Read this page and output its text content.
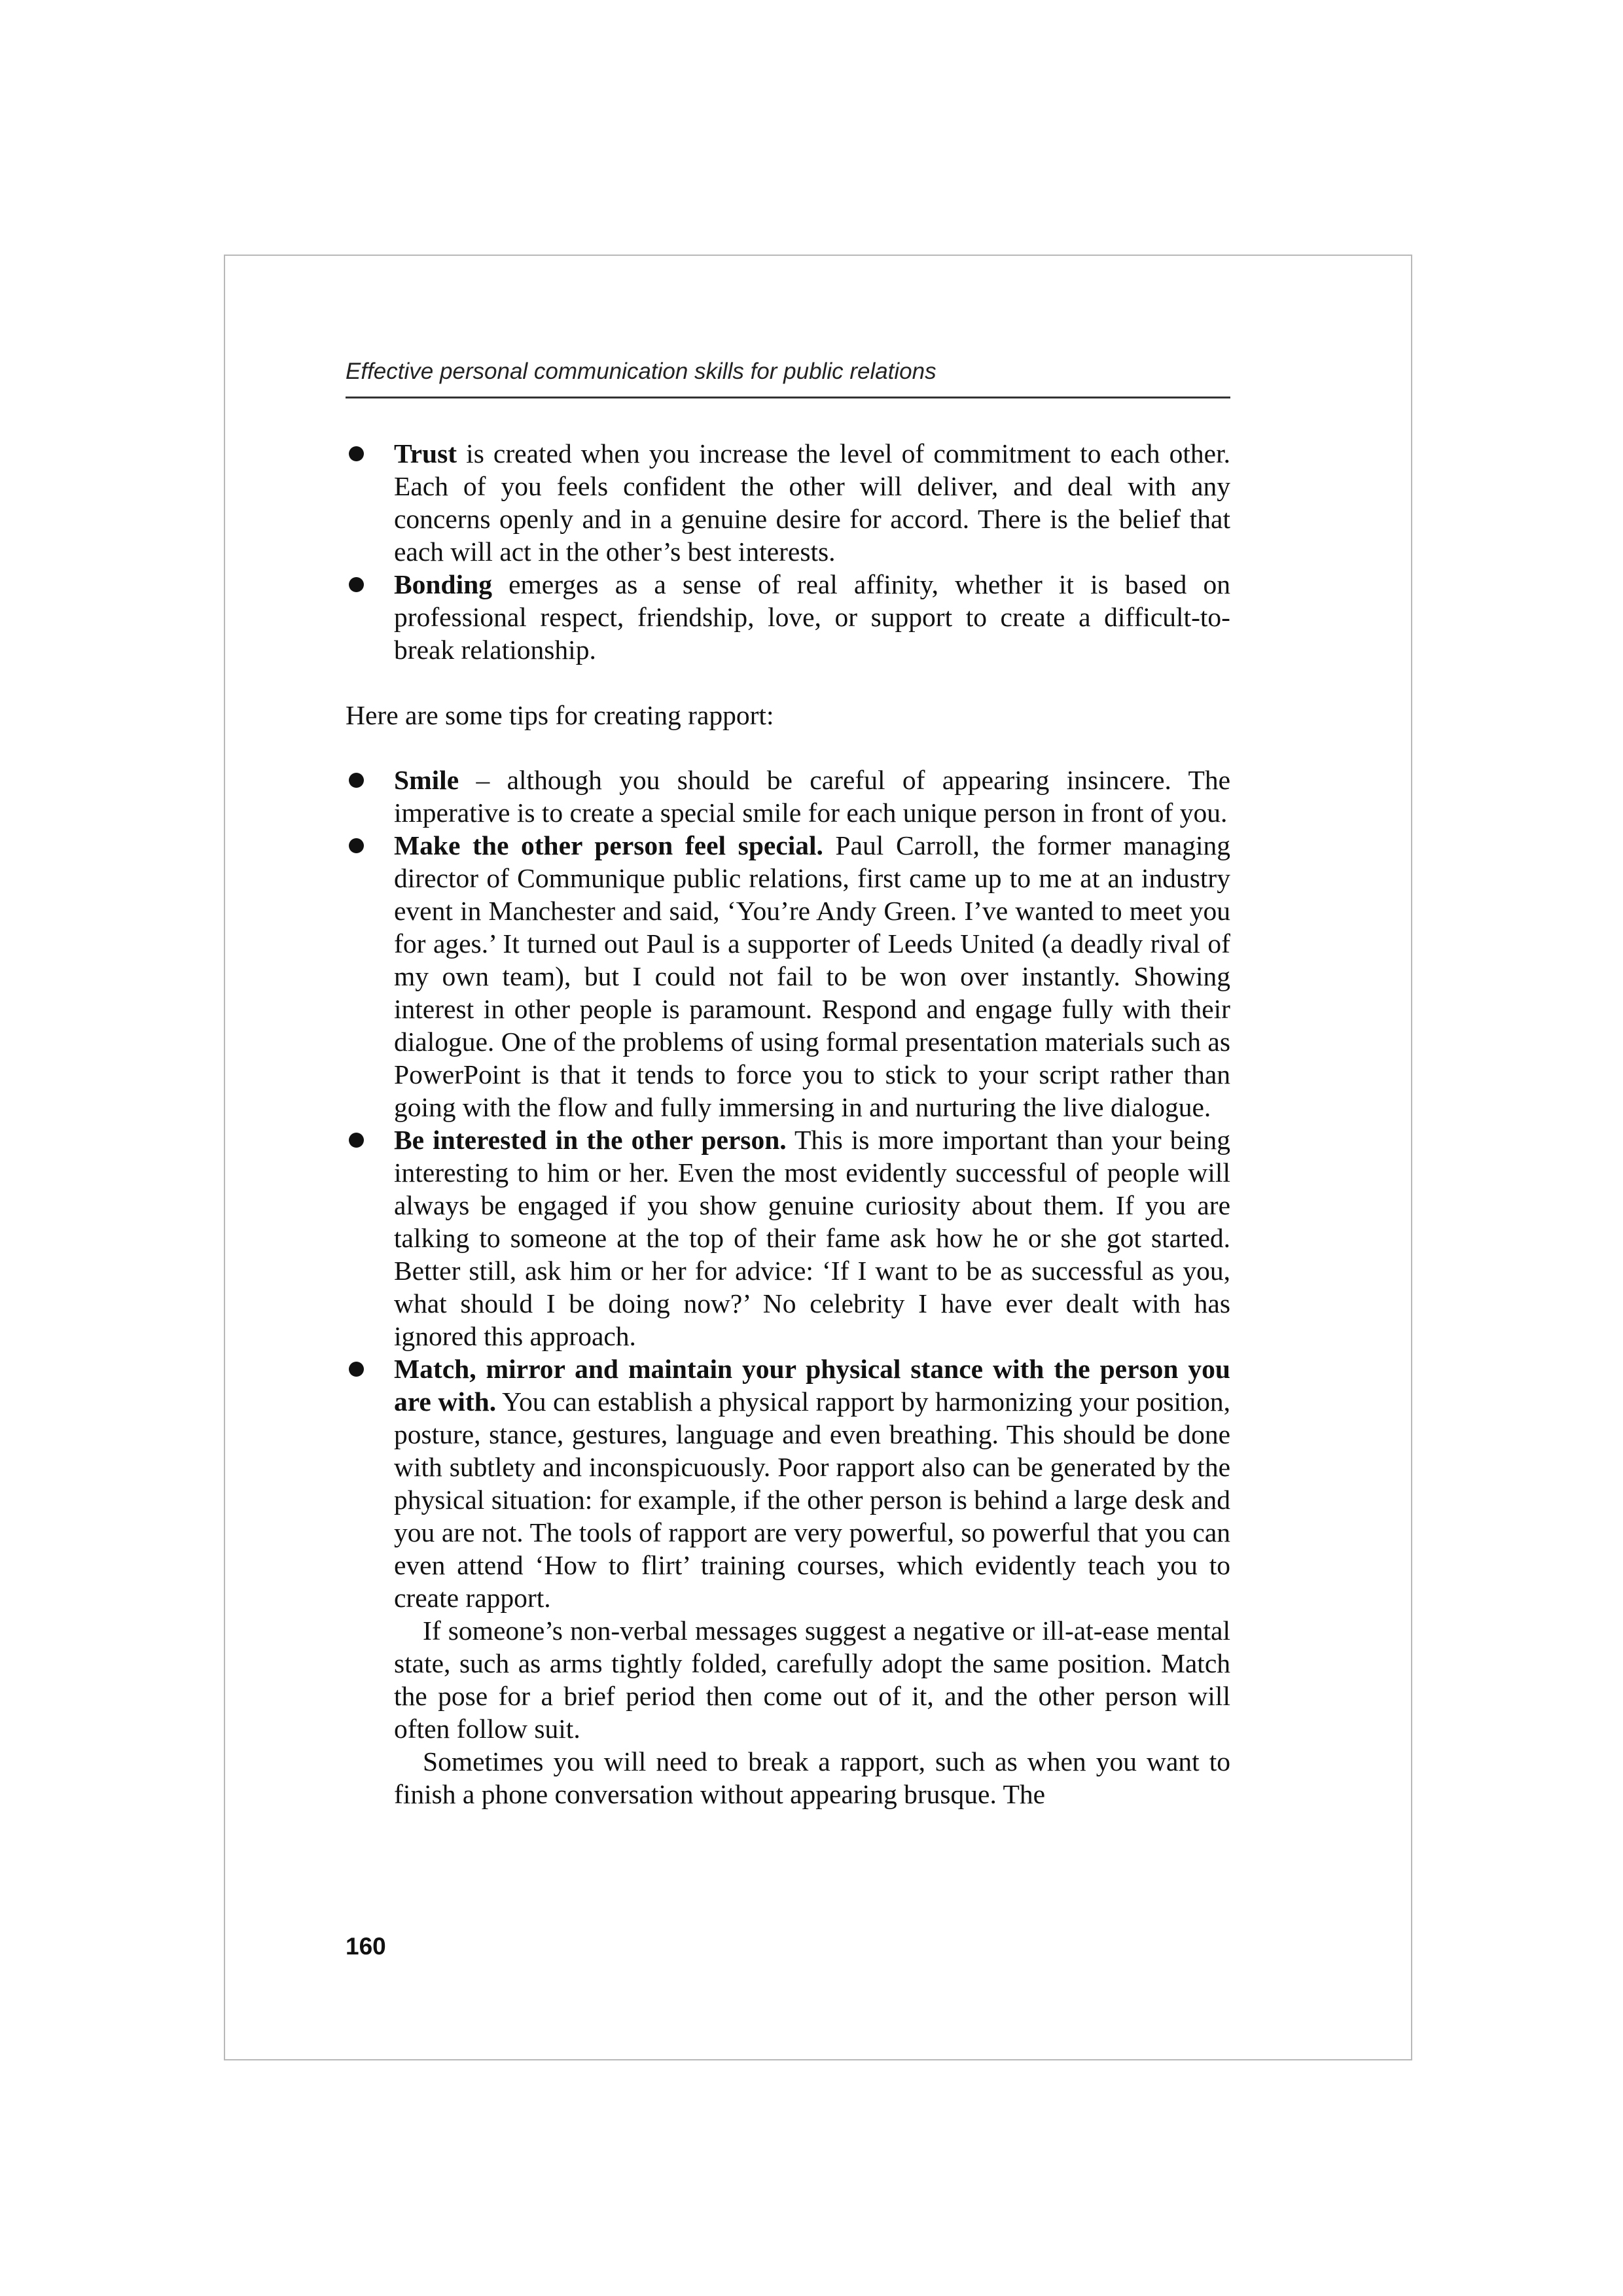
Effective personal communication skills for public relations
Trust is created when you increase the level of commitment to each other. Each of you feels confident the other will deliver, and deal with any concerns openly and in a genuine desire for accord. There is the belief that each will act in the other’s best interests.
Bonding emerges as a sense of real affinity, whether it is based on professional respect, friendship, love, or support to create a difficult-to-break relationship.

Here are some tips for creating rapport:

Smile – although you should be careful of appearing insincere. The imperative is to create a special smile for each unique person in front of you.
Make the other person feel special. Paul Carroll, the former managing director of Communique public relations, first came up to me at an industry event in Manchester and said, ‘You’re Andy Green. I’ve wanted to meet you for ages.’ It turned out Paul is a supporter of Leeds United (a deadly rival of my own team), but I could not fail to be won over instantly. Showing interest in other people is paramount. Respond and engage fully with their dialogue. One of the problems of using formal presentation materials such as PowerPoint is that it tends to force you to stick to your script rather than going with the flow and fully immersing in and nurturing the live dialogue.
Be interested in the other person. This is more important than your being interesting to him or her. Even the most evidently successful of people will always be engaged if you show genuine curiosity about them. If you are talking to someone at the top of their fame ask how he or she got started. Better still, ask him or her for advice: ‘If I want to be as successful as you, what should I be doing now?’ No celebrity I have ever dealt with has ignored this approach.
Match, mirror and maintain your physical stance with the person you are with. You can establish a physical rapport by harmonizing your position, posture, stance, gestures, language and even breathing. This should be done with subtlety and inconspicuously. Poor rapport also can be generated by the physical situation: for example, if the other person is behind a large desk and you are not. The tools of rapport are very powerful, so powerful that you can even attend ‘How to flirt’ training courses, which evidently teach you to create rapport.

If someone’s non-verbal messages suggest a negative or ill-at-ease mental state, such as arms tightly folded, carefully adopt the same position. Match the pose for a brief period then come out of it, and the other person will often follow suit.

Sometimes you will need to break a rapport, such as when you want to finish a phone conversation without appearing brusque. The

160
